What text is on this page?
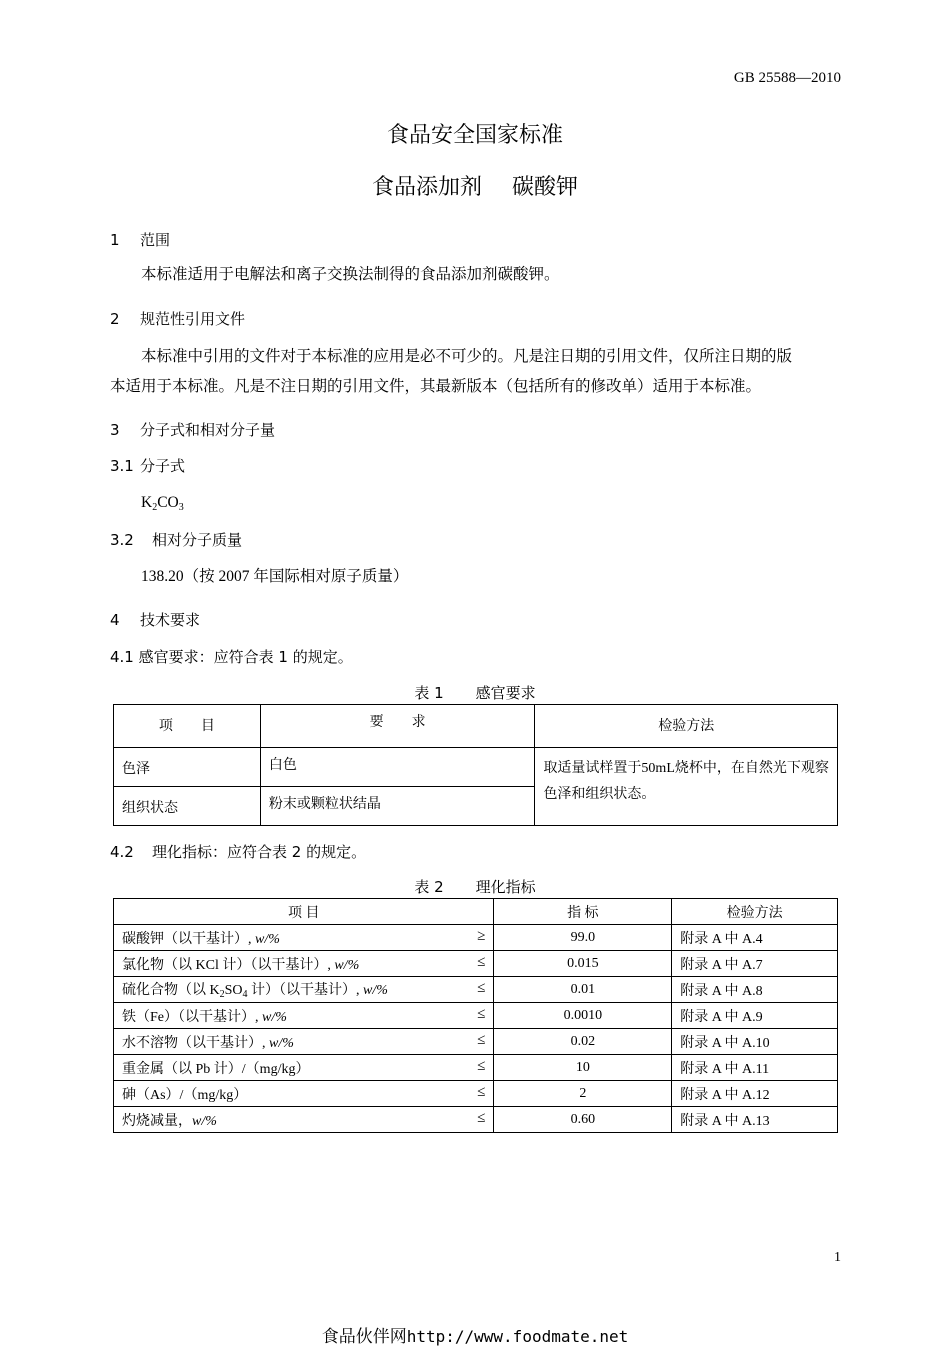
GB 25588—2010
食品安全国家标准
食品添加剂 碳酸钾
1 范围
本标准适用于电解法和离子交换法制得的食品添加剂碳酸钾。
2 规范性引用文件
本标准中引用的文件对于本标准的应用是必不可少的。凡是注日期的引用文件，仅所注日期的版
本适用于本标准。凡是不注日期的引用文件，其最新版本（包括所有的修改单）适用于本标准。
3 分子式和相对分子量
3.1 分子式
$K_2CO_3$
3.2 相对分子质量
138.20（按 2007 年国际相对原子质量）
4 技术要求
4.1 感官要求：应符合表 1 的规定。
表 1 感官要求
项　　目	要　　求	检验方法
色泽	白色	取适量试样置于50mL烧杯中，在自然光下观察色泽和组织状态。
组织状态	粉末或颗粒状结晶	
4.2 理化指标：应符合表 2 的规定。
表 2 理化指标
项 目	指 标	检验方法
碳酸钾（以干基计）, w/% ≥	99.0	附录 A 中 A.4
氯化物（以 KCl 计）（以干基计）, w/% ≤	0.015	附录 A 中 A.7
硫化合物（以 $K_2SO_4$ 计）（以干基计）, w/% ≤	0.01	附录 A 中 A.8
铁（Fe）（以干基计）, w/% ≤	0.0010	附录 A 中 A.9
水不溶物（以干基计）, w/% ≤	0.02	附录 A 中 A.10
重金属（以 Pb 计）/（mg/kg） ≤	10	附录 A 中 A.11
砷（As）/（mg/kg） ≤	2	附录 A 中 A.12
灼烧减量，w/% ≤	0.60	附录 A 中 A.13
1
食品伙伴网http://www.foodmate.net
